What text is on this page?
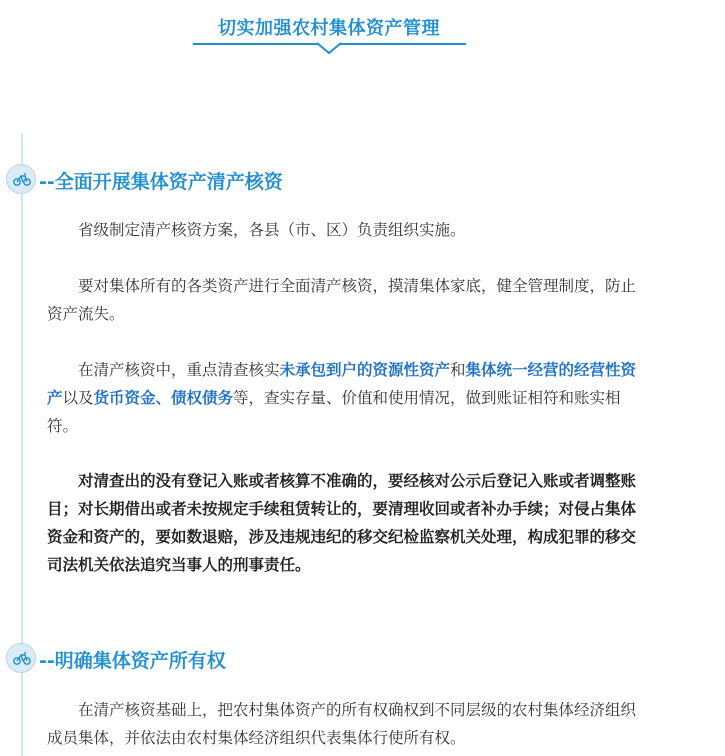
切实加强农村集体资产管理
--全面开展集体资产清产核资

省级制定清产核资方案，各县（市、区）负责组织实施。

要对集体所有的各类资产进行全面清产核资，摸清集体家底，健全管理制度，防止资产流失。

在清产核资中，重点清查核实未承包到户的资源性资产和集体统一经营的经营性资产以及货币资金、债权债务等，查实存量、价值和使用情况，做到账证相符和账实相符。

对清查出的没有登记入账或者核算不准确的，要经核对公示后登记入账或者调整账目；对长期借出或者未按规定手续租赁转让的，要清理收回或者补办手续；对侵占集体资金和资产的，要如数退赔，涉及违规违纪的移交纪检监察机关处理，构成犯罪的移交司法机关依法追究当事人的刑事责任。

--明确集体资产所有权

在清产核资基础上，把农村集体资产的所有权确权到不同层级的农村集体经济组织成员集体，并依法由农村集体经济组织代表集体行使所有权。
